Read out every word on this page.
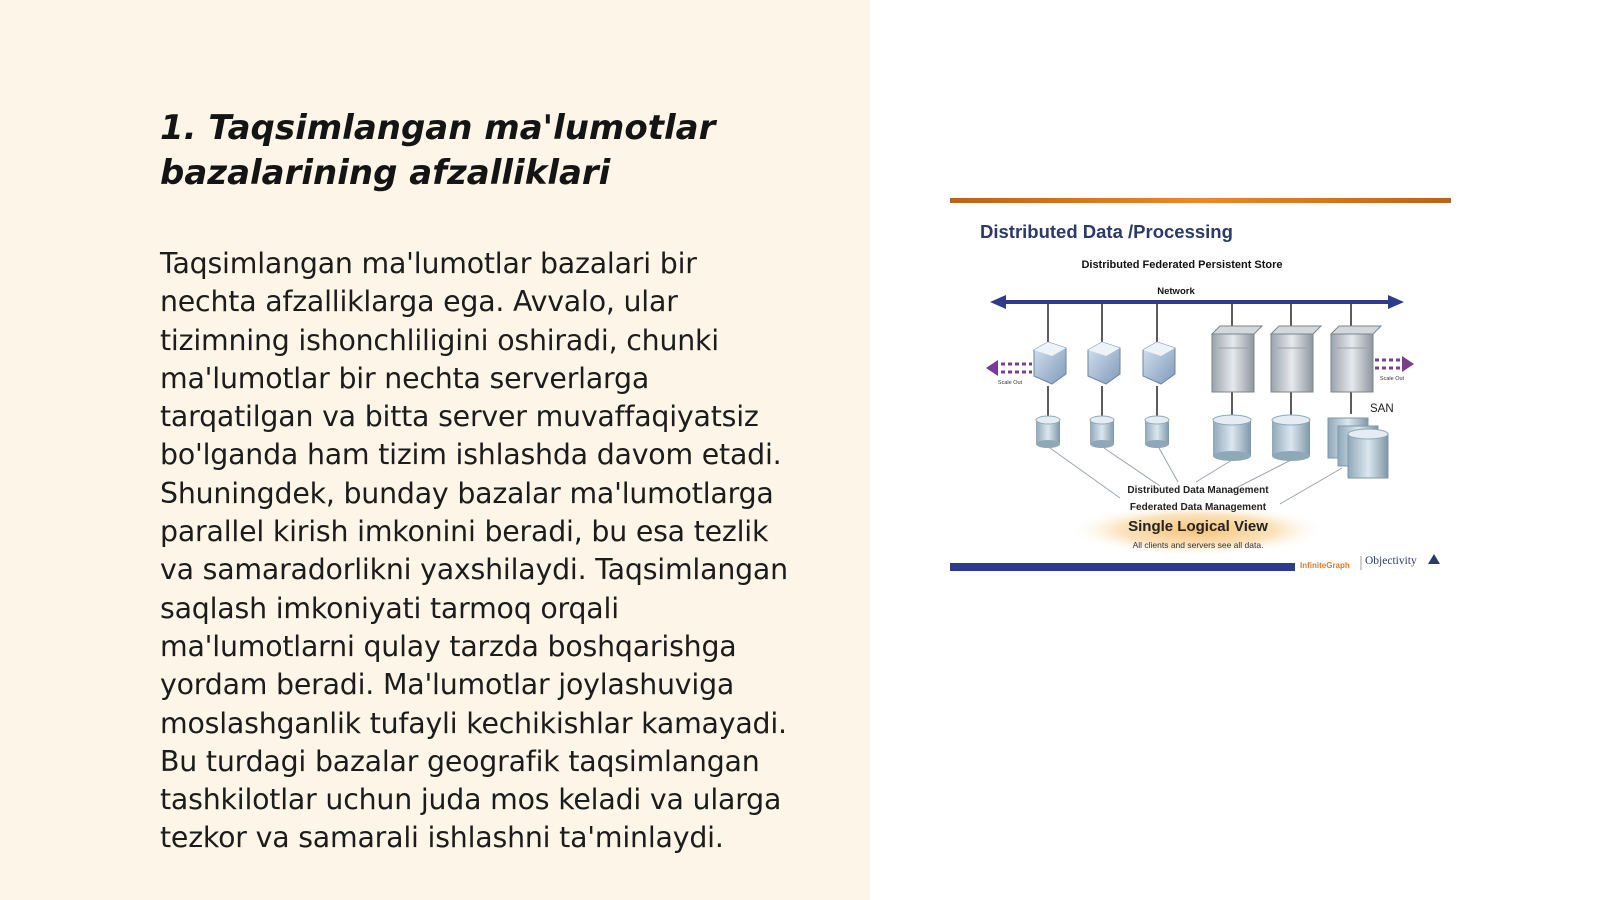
1. Taqsimlangan ma'lumotlar bazalarining afzalliklari

Taqsimlangan ma'lumotlar bazalari bir
nechta afzalliklarga ega. Avvalo, ular
tizimning ishonchliligini oshiradi, chunki
ma'lumotlar bir nechta serverlarga
tarqatilgan va bitta server muvaffaqiyatsiz
bo'lganda ham tizim ishlashda davom etadi.
Shuningdek, bunday bazalar ma'lumotlarga
parallel kirish imkonini beradi, bu esa tezlik
va samaradorlikni yaxshilaydi. Taqsimlangan
saqlash imkoniyati tarmoq orqali
ma'lumotlarni qulay tarzda boshqarishga
yordam beradi. Ma'lumotlar joylashuviga
moslashganlik tufayli kechikishlar kamayadi.
Bu turdagi bazalar geografik taqsimlangan
tashkilotlar uchun juda mos keladi va ularga
tezkor va samarali ishlashni ta'minlaydi.

Distributed Data /Processing
Distributed Federated Persistent Store
Network
Scale Out
Scale Out
SAN
Distributed Data Management
Federated Data Management
Single Logical View
All clients and servers see all data.
InfiniteGraph Objectivity
